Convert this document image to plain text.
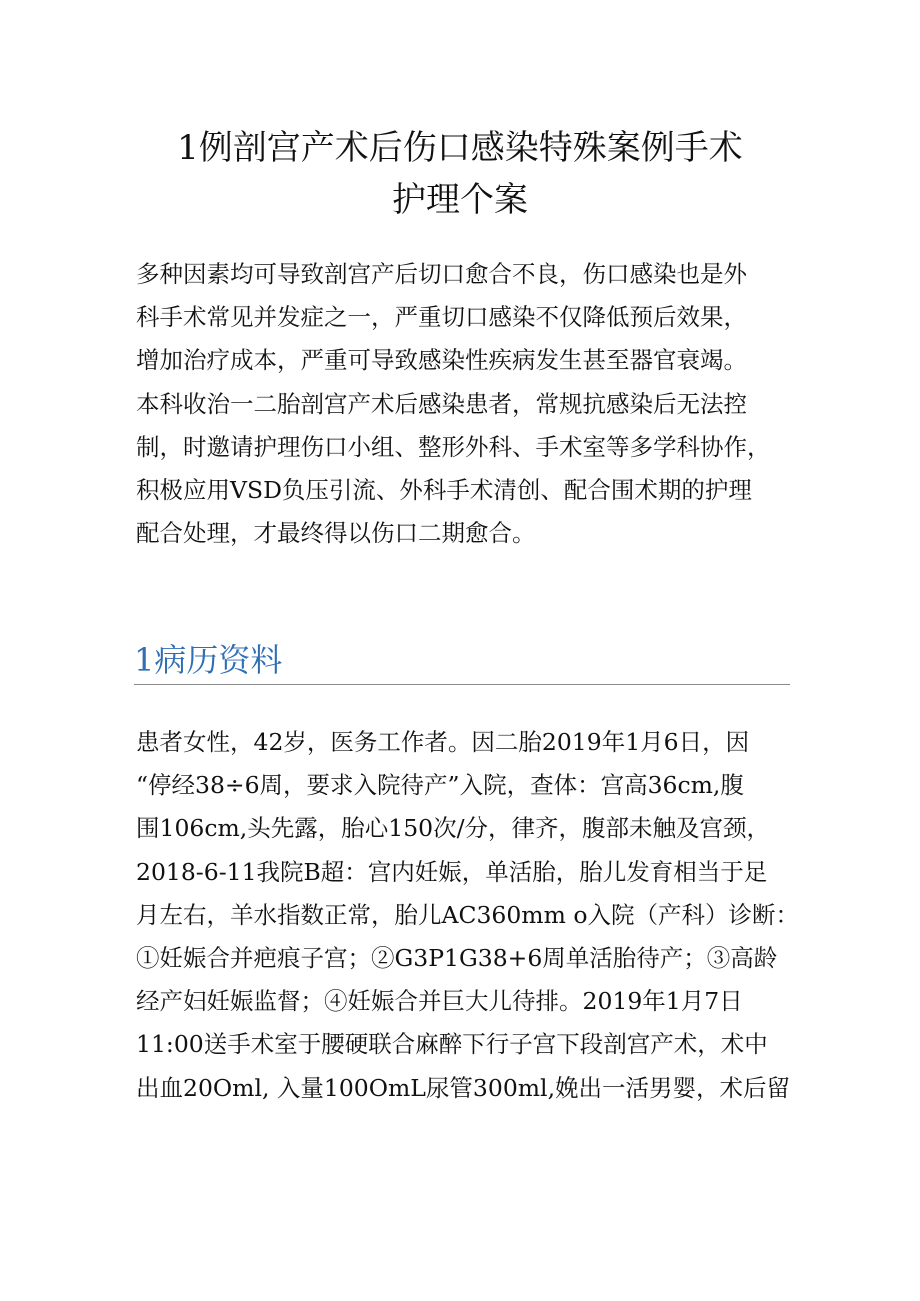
1例剖宫产术后伤口感染特殊案例手术
护理个案

多种因素均可导致剖宫产后切口愈合不良，伤口感染也是外
科手术常见并发症之一，严重切口感染不仅降低预后效果，
增加治疗成本，严重可导致感染性疾病发生甚至器官衰竭。
本科收治一二胎剖宫产术后感染患者，常规抗感染后无法控
制，时邀请护理伤口小组、整形外科、手术室等多学科协作，
积极应用VSD负压引流、外科手术清创、配合围术期的护理
配合处理，才最终得以伤口二期愈合。

1病历资料

患者女性，42岁，医务工作者。因二胎2019年1月6日，因
“停经38÷6周，要求入院待产”入院，查体：宫高36cm,腹
围106cm,头先露，胎心150次/分，律齐，腹部未触及宫颈，
2018-6-11我院B超：宫内妊娠，单活胎，胎儿发育相当于足
月左右，羊水指数正常，胎儿AC360mm o入院（产科）诊断：
①妊娠合并疤痕子宫；②G3P1G38+6周单活胎待产；③高龄
经产妇妊娠监督；④妊娠合并巨大儿待排。2019年1月7日
11:00送手术室于腰硬联合麻醉下行子宫下段剖宫产术，术中
出血20Oml, 入量100OmL尿管300ml,娩出一活男婴，术后留
